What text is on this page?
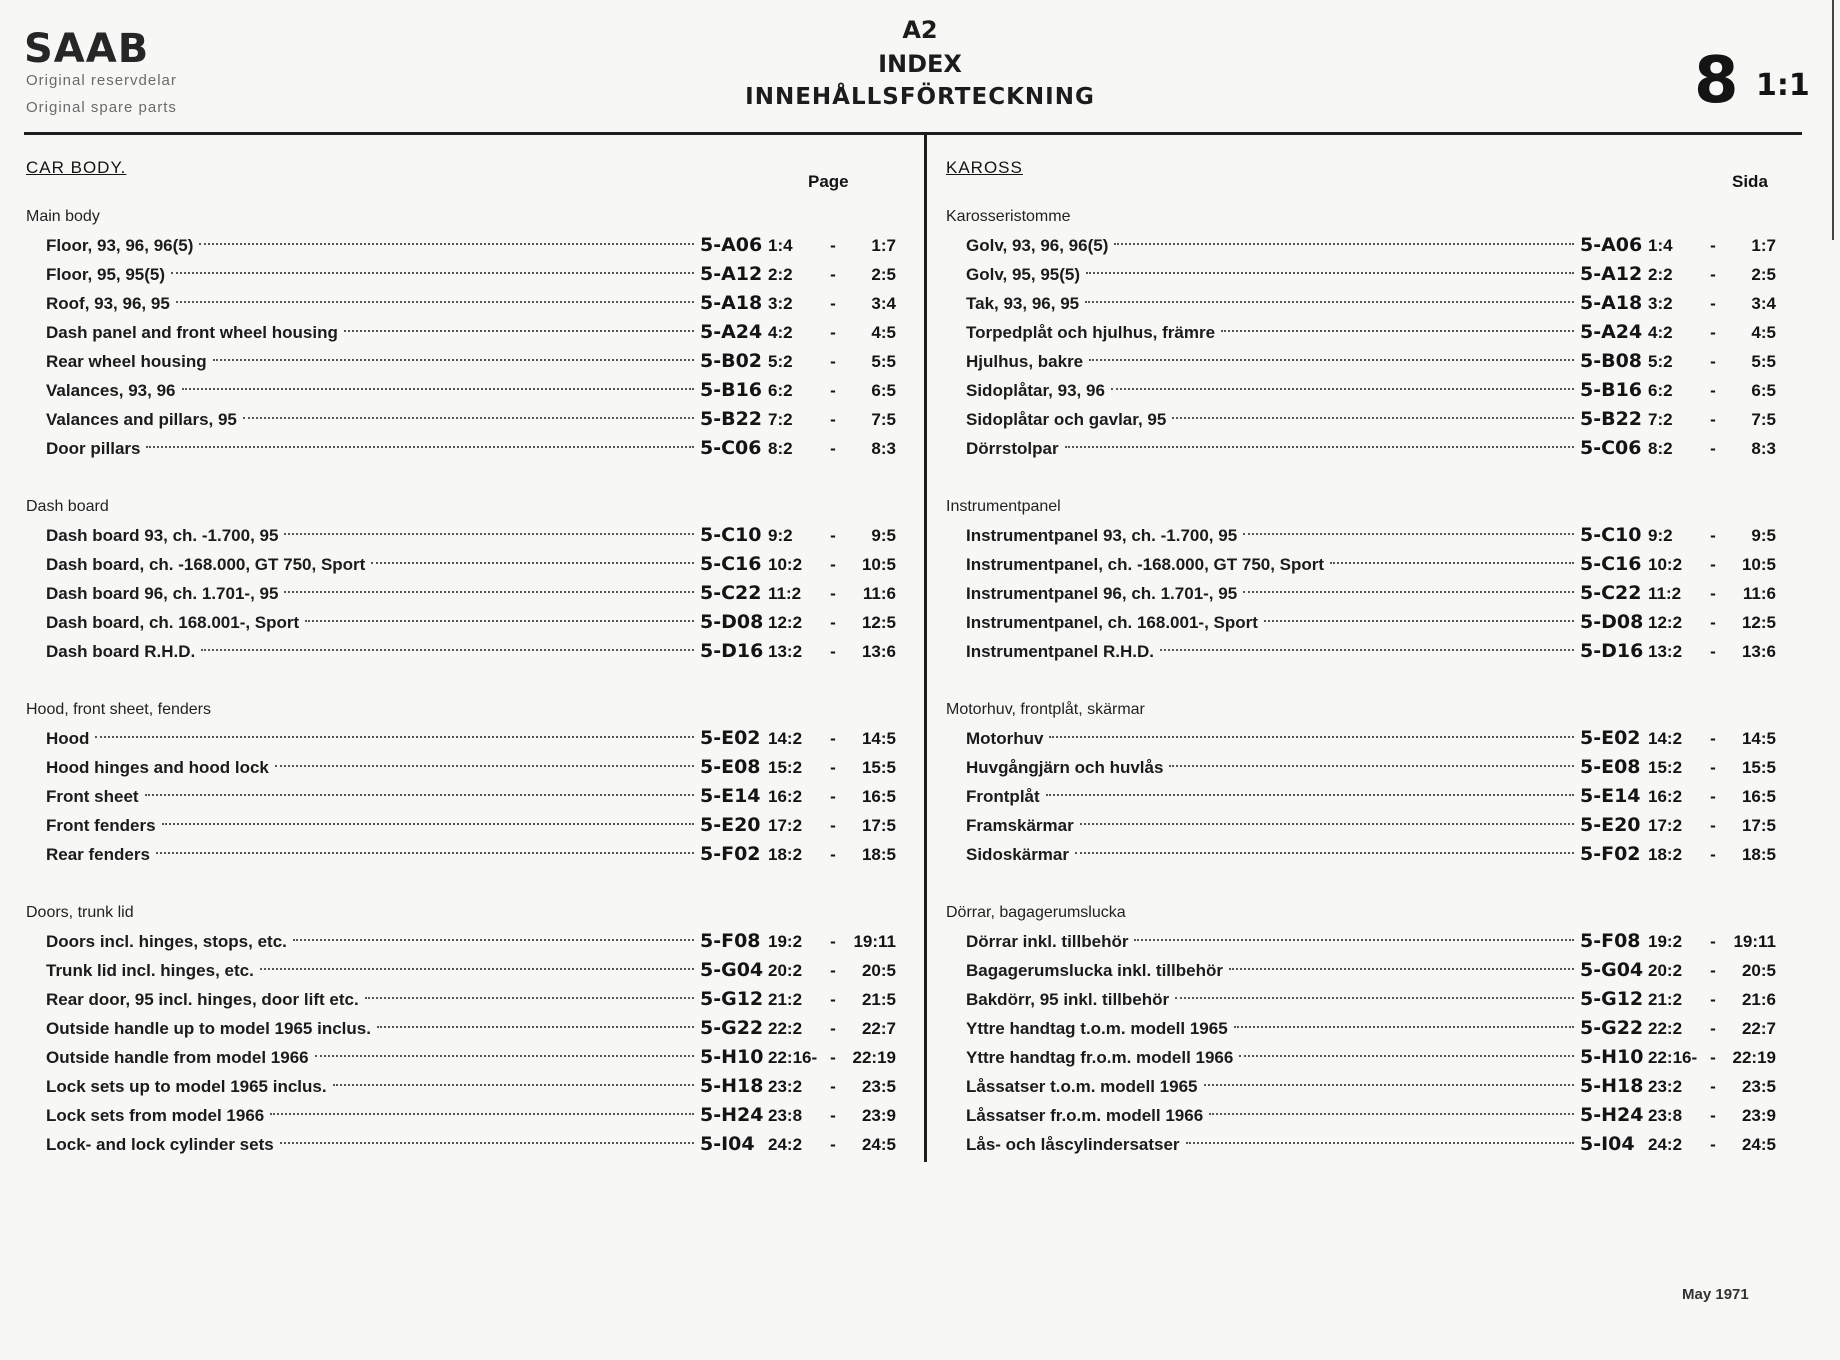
SAAB
Original reservdelar
Original spare parts
A2
INDEX
INNEHÅLLSFÖRTECKNING	8 1:1
CAR BODY.
Page
Main body
Floor, 93, 96, 96(5)	5-A06 1:4	-	1:7
Floor, 95, 95(5)	5-A12 2:2	-	2:5
Roof, 93, 96, 95	5-A18 3:2	-	3:4
Dash panel and front wheel housing	5-A24 4:2	-	4:5
Rear wheel housing	5-B02 5:2	-	5:5
Valances, 93, 96	5-B16 6:2	-	6:5
Valances and pillars, 95	5-B22 7:2	-	7:5
Door pillars	5-C06 8:2	-	8:3
Dash board
Dash board 93, ch. -1.700, 95	5-C10 9:2	-	9:5
Dash board, ch. -168.000, GT 750, Sport	5-C16 10:2	-	10:5
Dash board 96, ch. 1.701-, 95	5-C22 11:2	-	11:6
Dash board, ch. 168.001-, Sport	5-D08 12:2	-	12:5
Dash board R.H.D.	5-D16 13:2	-	13:6
Hood, front sheet, fenders
Hood	5-E02 14:2	-	14:5
Hood hinges and hood lock	5-E08 15:2	-	15:5
Front sheet	5-E14 16:2	-	16:5
Front fenders	5-E20 17:2	-	17:5
Rear fenders	5-F02 18:2	-	18:5
Doors, trunk lid
Doors incl. hinges, stops, etc.	5-F08 19:2	-	19:11
Trunk lid incl. hinges, etc.	5-G04 20:2	-	20:5
Rear door, 95 incl. hinges, door lift etc.	5-G12 21:2	-	21:5
Outside handle up to model 1965 inclus.	5-G22 22:2	-	22:7
Outside handle from model 1966	5-H10 22:16- - 22:19
Lock sets up to model 1965 inclus.	5-H18 23:2	-	23:5
Lock sets from model 1966	5-H24 23:8	-	23:9
Lock- and lock cylinder sets	5-I04 24:2	-	24:5
KAROSS
Sida
Karosseristomme
Golv, 93, 96, 96(5)	5-A06 1:4	-	1:7
Golv, 95, 95(5)	5-A12 2:2	-	2:5
Tak, 93, 96, 95	5-A18 3:2	-	3:4
Torpedplåt och hjulhus, främre	5-A24 4:2	-	4:5
Hjulhus, bakre	5-B08 5:2	-	5:5
Sidoplåtar, 93, 96	5-B16 6:2	-	6:5
Sidoplåtar och gavlar, 95	5-B22 7:2	-	7:5
Dörrstolpar	5-C06 8:2	-	8:3
Instrumentpanel
Instrumentpanel 93, ch. -1.700, 95	5-C10 9:2	-	9:5
Instrumentpanel, ch. -168.000, GT 750, Sport	5-C16 10:2	-	10:5
Instrumentpanel 96, ch. 1.701-, 95	5-C22 11:2	-	11:6
Instrumentpanel, ch. 168.001-, Sport	5-D08 12:2	-	12:5
Instrumentpanel R.H.D.	5-D16 13:2	-	13:6
Motorhuv, frontplåt, skärmar
Motorhuv	5-E02 14:2	-	14:5
Huvgångjärn och huvlås	5-E08 15:2	-	15:5
Frontplåt	5-E14 16:2	-	16:5
Framskärmar	5-E20 17:2	-	17:5
Sidoskärmar	5-F02 18:2	-	18:5
Dörrar, bagagerumslucka
Dörrar inkl. tillbehör	5-F08 19:2	-	19:11
Bagagerumslucka inkl. tillbehör	5-G04 20:2	-	20:5
Bakdörr, 95 inkl. tillbehör	5-G12 21:2	-	21:6
Yttre handtag t.o.m. modell 1965	5-G22 22:2	-	22:7
Yttre handtag fr.o.m. modell 1966	5-H10 22:16- - 22:19
Låssatser t.o.m. modell 1965	5-H18 23:2	-	23:5
Låssatser fr.o.m. modell 1966	5-H24 23:8	-	23:9
Lås- och låscylindersatser	5-I04 24:2	-	24:5
May 1971
